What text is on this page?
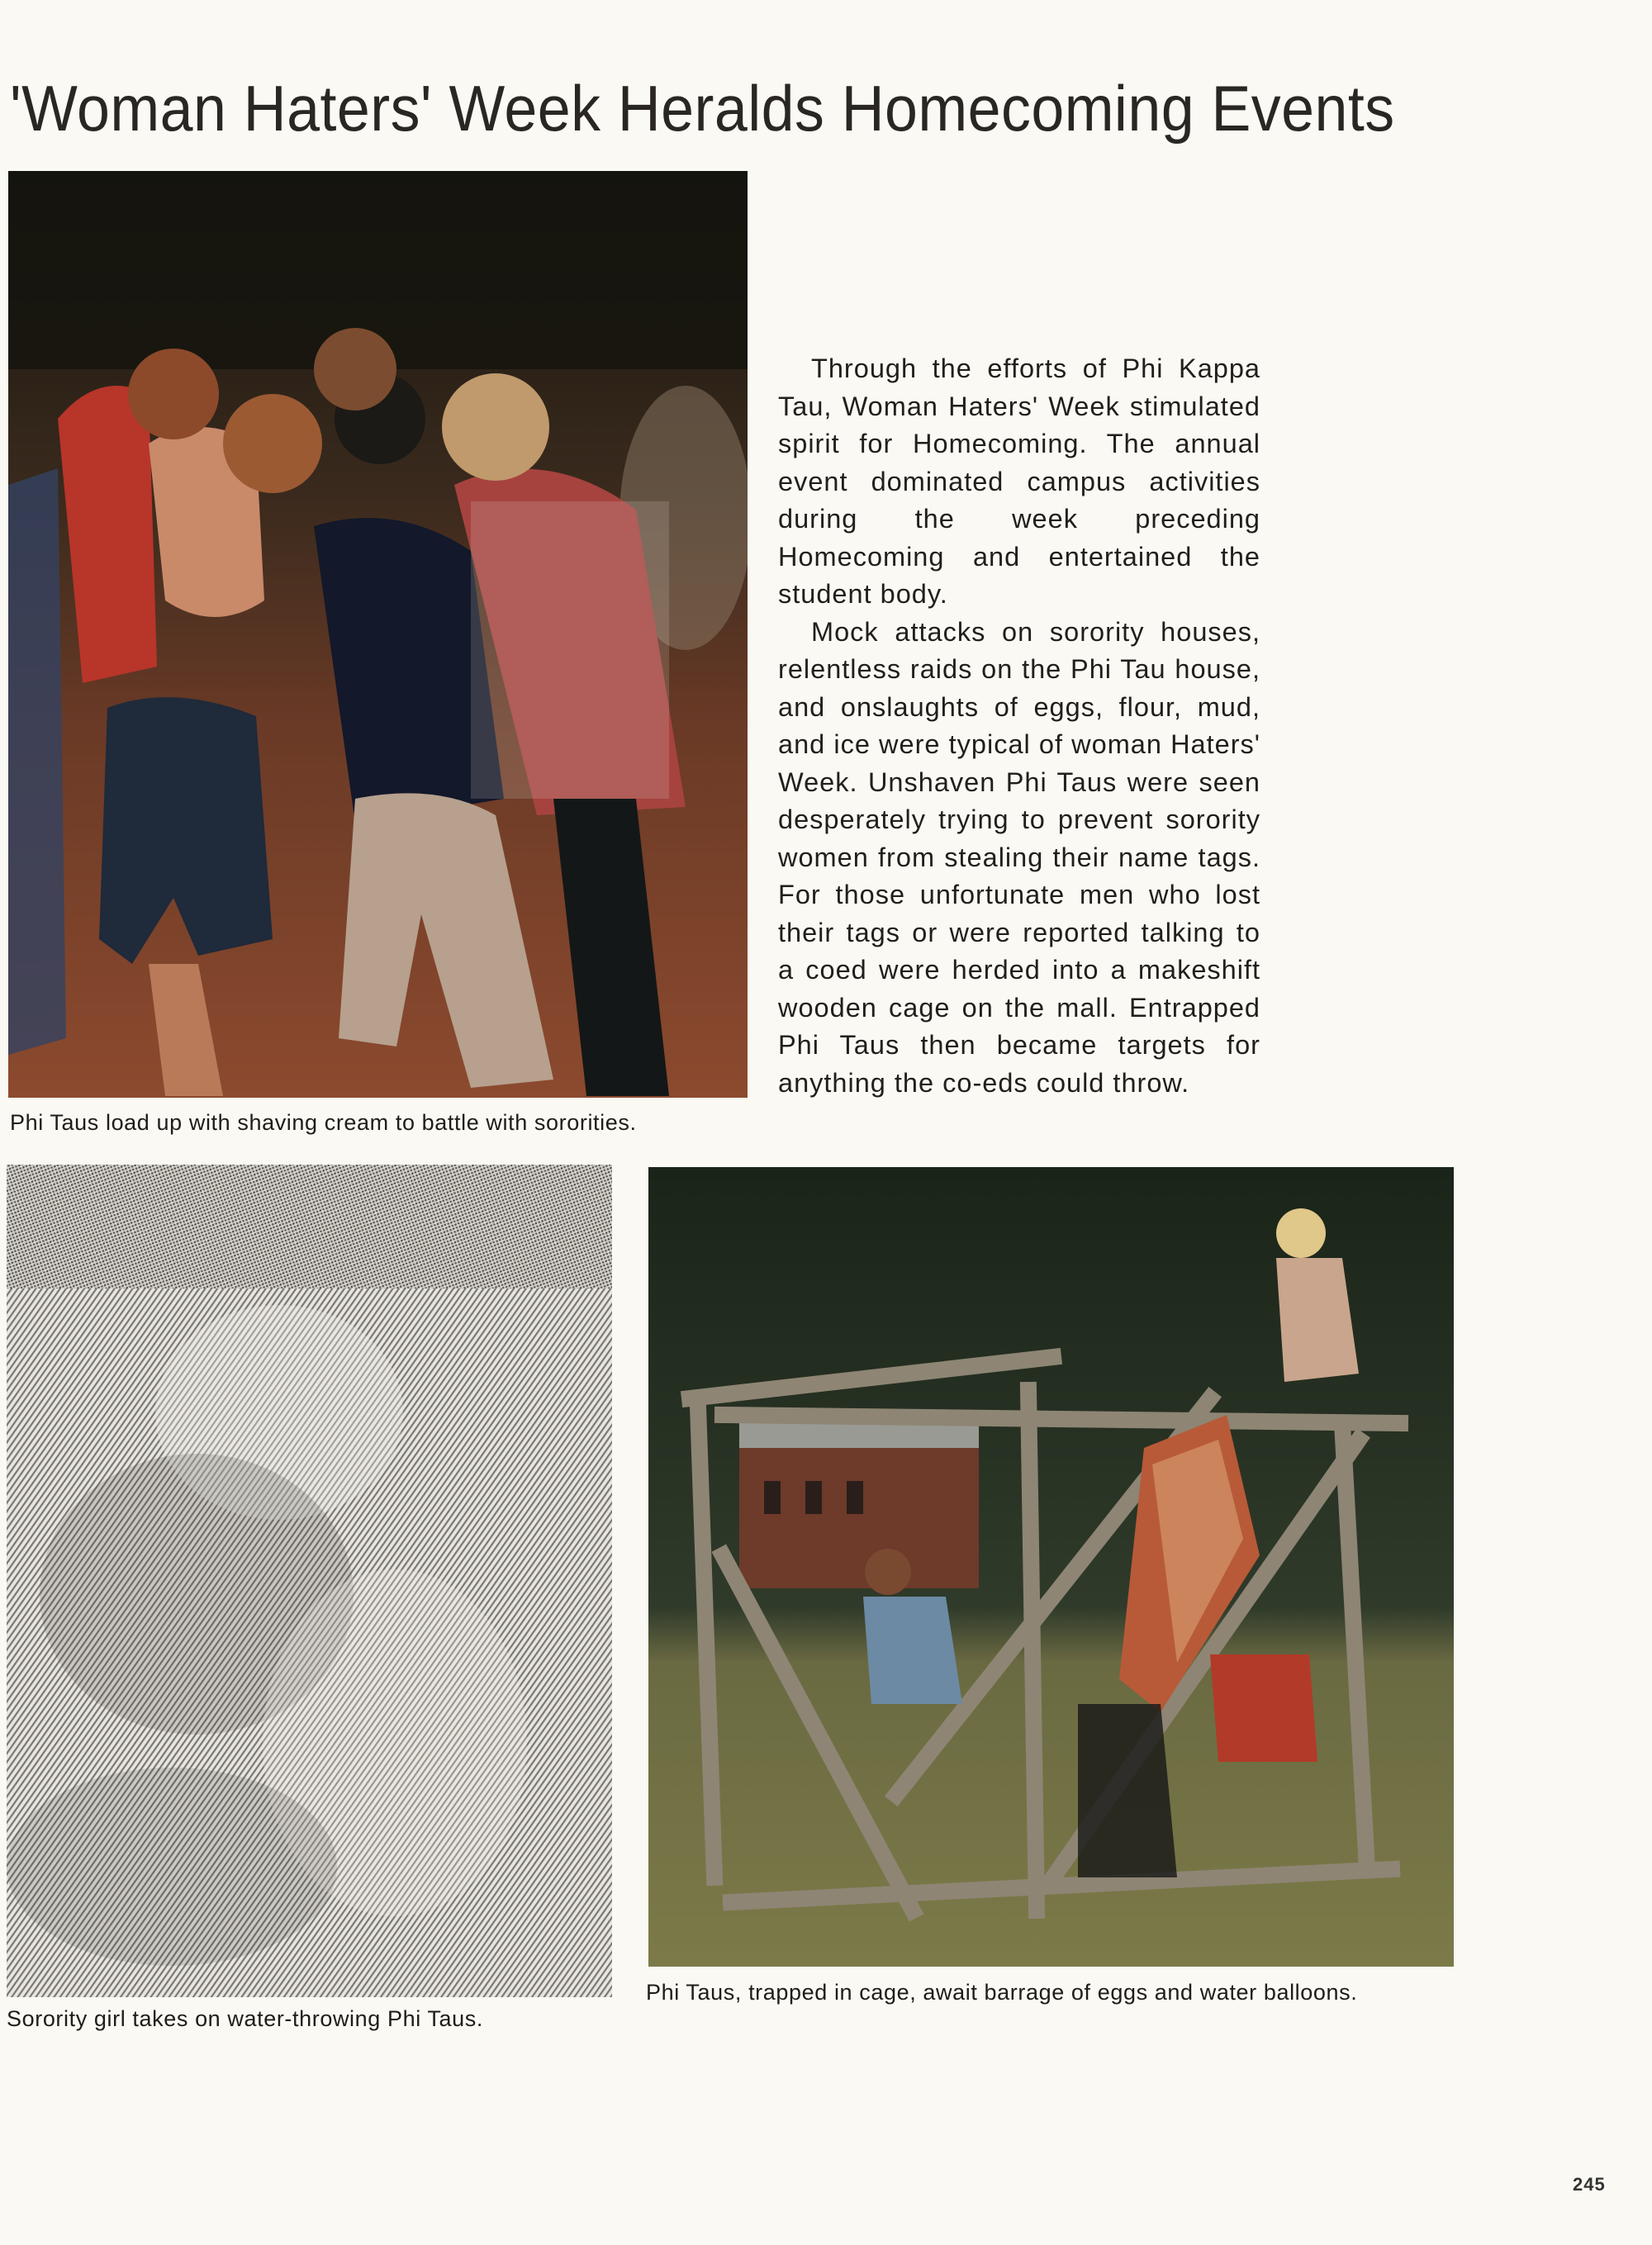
'Woman Haters' Week Heralds Homecoming Events
Phi Taus load up with shaving cream to battle with sororities.

Through the efforts of Phi Kappa Tau, Woman Haters' Week stimulated spirit for Homecoming. The annual event dominated campus activities during the week preceding Homecoming and entertained the student body.

Mock attacks on sorority houses, relentless raids on the Phi Tau house, and onslaughts of eggs, flour, mud, and ice were typical of woman Haters' Week. Unshaven Phi Taus were seen desperately trying to prevent sorority women from stealing their name tags. For those unfortunate men who lost their tags or were reported talking to a coed were herded into a makeshift wooden cage on the mall. Entrapped Phi Taus then became targets for anything the co-eds could throw.

Sorority girl takes on water-throwing Phi Taus.
Phi Taus, trapped in cage, await barrage of eggs and water balloons.
245
